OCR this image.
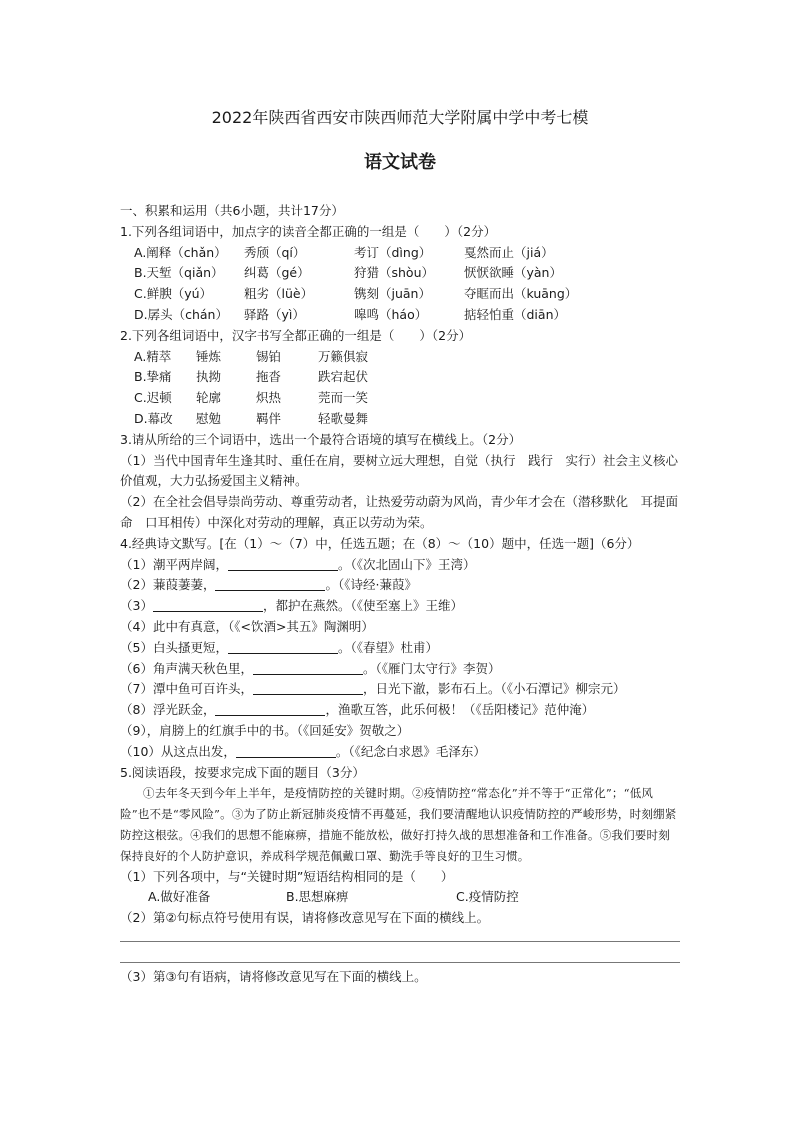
2022年陕西省西安市陕西师范大学附属中学中考七模
语文试卷
一、积累和运用（共6小题，共计17分）
1.下列各组词语中，加点字的读音全都正确的一组是（　　）（2分）
A.阐释（chǎn）	秀颀（qí）	考订（dìng）	戛然而止（jiá）
B.天堑（qiǎn）	纠葛（gé）	狩猎（shòu）	恹恹欲睡（yàn）
C.鲜腴（yú）	粗劣（lüè）	镌刻（juān）	夺眶而出（kuāng）
D.孱头（chán）	驿路（yì）	嗥鸣（háo）	掂轻怕重（diān）
2.下列各组词语中，汉字书写全都正确的一组是（　　）（2分）
A.精萃	锤炼	锡铂	万籁俱寂
B.挚痛	执拗	拖沓	跌宕起伏
C.迟顿	轮廓	炽热	莞而一笑
D.幕改	慰勉	羁伴	轻歌曼舞
3.请从所给的三个词语中，选出一个最符合语境的填写在横线上。（2分）
（1）当代中国青年生逢其时、重任在肩，要树立远大理想，自觉（执行　践行　实行）社会主义核心价值观，大力弘扬爱国主义精神。
（2）在全社会倡导崇尚劳动、尊重劳动者，让热爱劳动蔚为风尚，青少年才会在（潜移默化　耳提面命　口耳相传）中深化对劳动的理解，真正以劳动为荣。
4.经典诗文默写。[在（1）～（7）中，任选五题；在（8）～（10）题中，任选一题]（6分）
（1）潮平两岸阔，	。（《次北固山下》王湾）
（2）蒹葭萋萋，	。（《诗经·蒹葭》
（3）	，都护在燕然。（《使至塞上》王维）
（4）此中有真意，（《<饮酒>其五》陶渊明）
（5）白头搔更短，	。（《春望》杜甫）
（6）角声满天秋色里，	。（《雁门太守行》李贺）
（7）潭中鱼可百许头，	，日光下澈，影布石上。（《小石潭记》柳宗元）
（8）浮光跃金，	，渔歌互答，此乐何极！（《岳阳楼记》范仲淹）
（9），肩膀上的红旗手中的书。（《回延安》贺敬之）
（10）从这点出发，	。（《纪念白求恩》毛泽东）
5.阅读语段，按要求完成下面的题目（3分）
①去年冬天到今年上半年，是疫情防控的关键时期。②疫情防控“常态化”并不等于“正常化”；“低风险”也不是“零风险”。③为了防止新冠肺炎疫情不再蔓延，我们要清醒地认识疫情防控的严峻形势，时刻绷紧防控这根弦。④我们的思想不能麻痹，措施不能放松，做好打持久战的思想准备和工作准备。⑤我们要时刻保持良好的个人防护意识，养成科学规范佩戴口罩、勤洗手等良好的卫生习惯。
（1）下列各项中，与“关键时期”短语结构相同的是（　　）
A.做好准备	B.思想麻痹	C.疫情防控
（2）第②句标点符号使用有误，请将修改意见写在下面的横线上。
（3）第③句有语病，请将修改意见写在下面的横线上。
